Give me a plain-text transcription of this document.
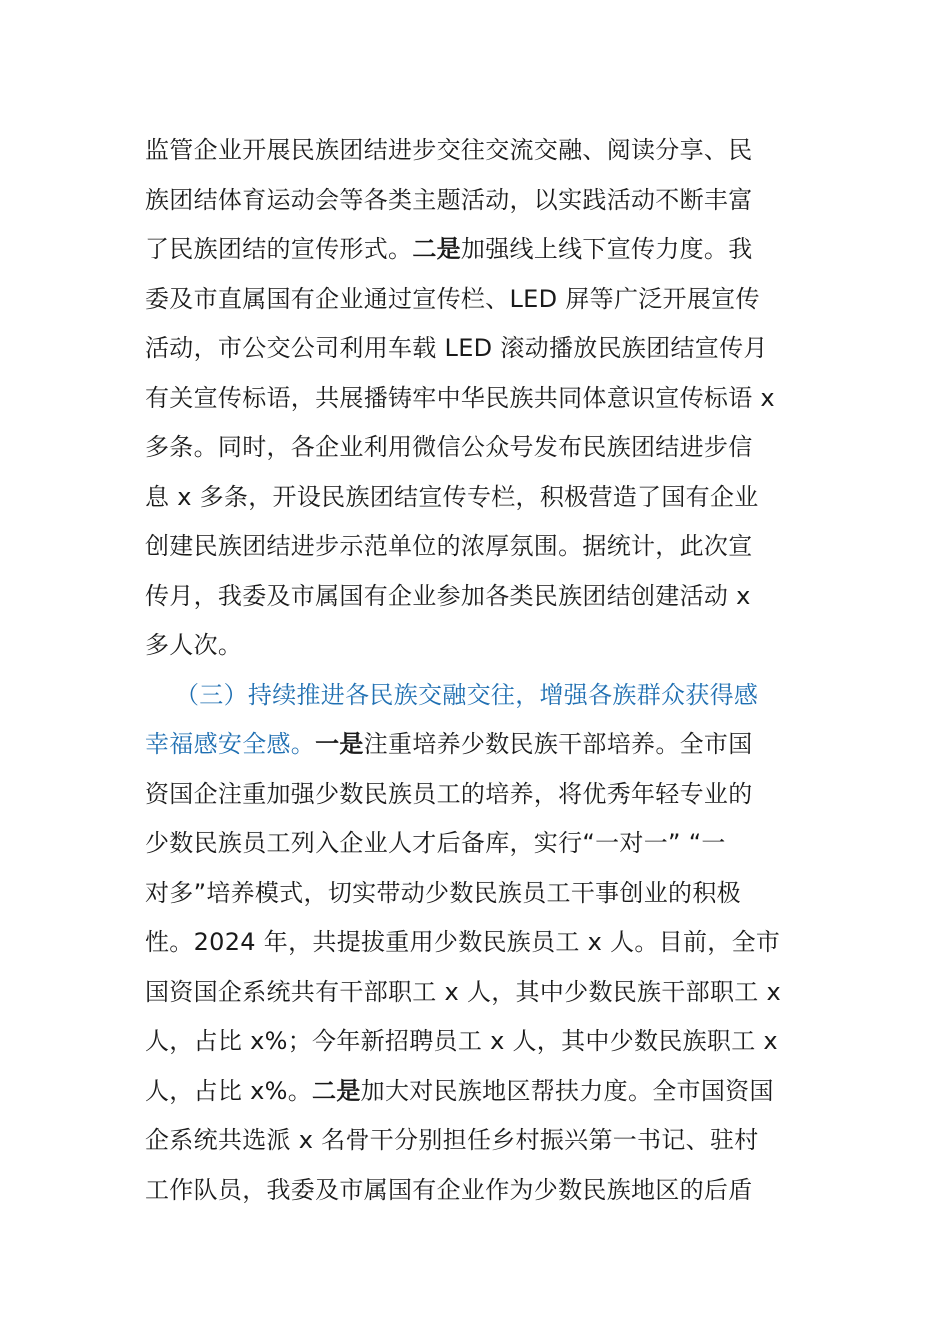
监管企业开展民族团结进步交往交流交融、阅读分享、民
族团结体育运动会等各类主题活动，以实践活动不断丰富
了民族团结的宣传形式。二是加强线上线下宣传力度。我
委及市直属国有企业通过宣传栏、LED 屏等广泛开展宣传
活动，市公交公司利用车载 LED 滚动播放民族团结宣传月
有关宣传标语，共展播铸牢中华民族共同体意识宣传标语 x
多条。同时，各企业利用微信公众号发布民族团结进步信
息 x 多条，开设民族团结宣传专栏，积极营造了国有企业
创建民族团结进步示范单位的浓厚氛围。据统计，此次宣
传月，我委及市属国有企业参加各类民族团结创建活动 x
多人次。
（三）持续推进各民族交融交往，增强各族群众获得感
幸福感安全感。一是注重培养少数民族干部培养。全市国
资国企注重加强少数民族员工的培养，将优秀年轻专业的
少数民族员工列入企业人才后备库，实行“一对一” “一
对多”培养模式，切实带动少数民族员工干事创业的积极
性。2024 年，共提拔重用少数民族员工 x 人。目前，全市
国资国企系统共有干部职工 x 人，其中少数民族干部职工 x
人，占比 x%；今年新招聘员工 x 人，其中少数民族职工 x
人，占比 x%。二是加大对民族地区帮扶力度。全市国资国
企系统共选派 x 名骨干分别担任乡村振兴第一书记、驻村
工作队员，我委及市属国有企业作为少数民族地区的后盾
